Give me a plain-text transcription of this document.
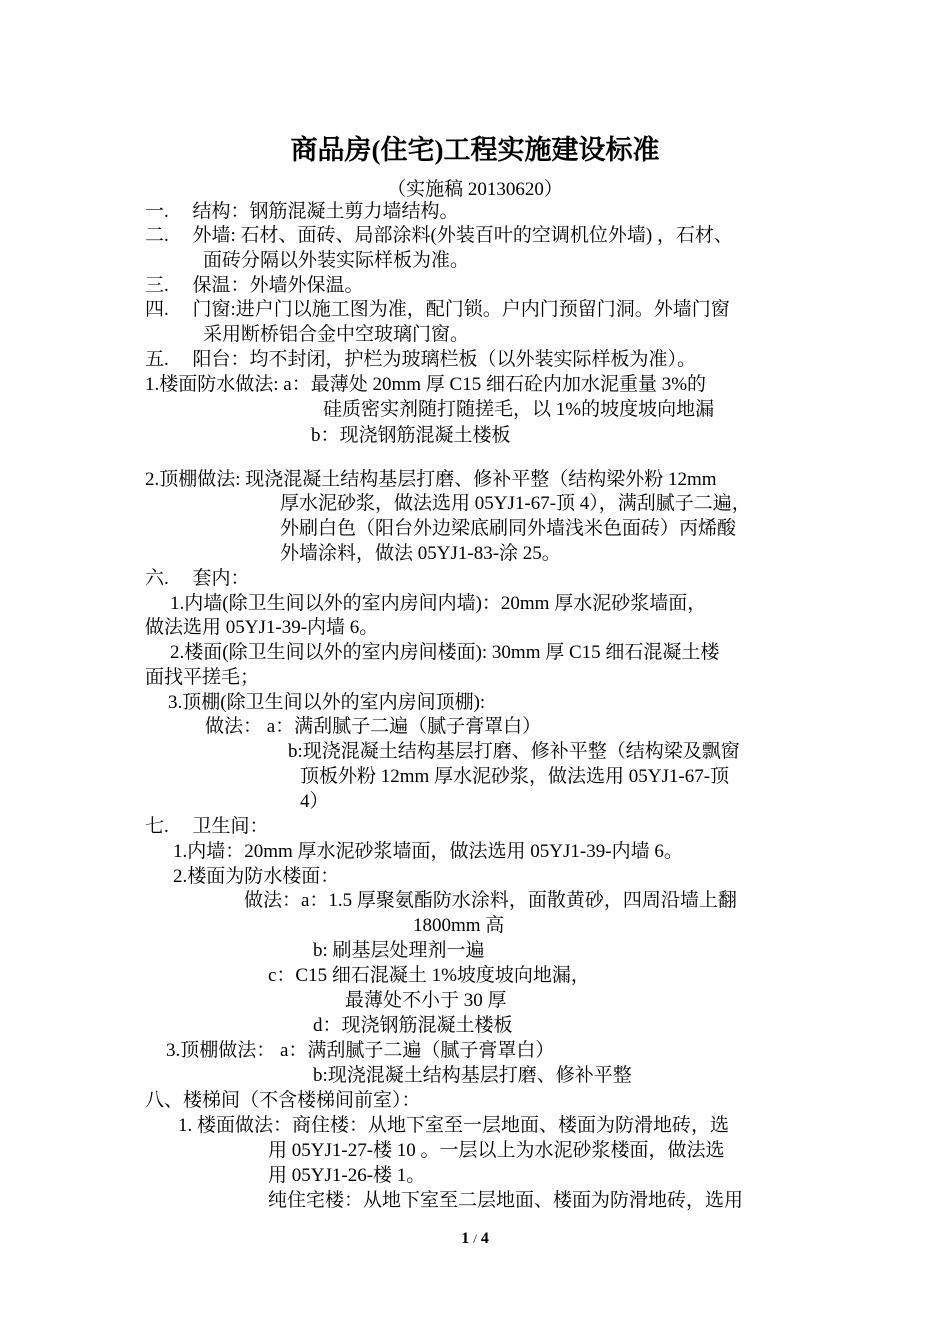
商品房(住宅)工程实施建设标准
（实施稿 20130620）
一.　 结构：钢筋混凝土剪力墙结构。
二.　 外墙: 石材、面砖、局部涂料(外装百叶的空调机位外墙) ，石材、
面砖分隔以外装实际样板为准。
三.　 保温：外墙外保温。
四.　 门窗:进户门以施工图为准，配门锁。户内门预留门洞。外墙门窗
采用断桥铝合金中空玻璃门窗。
五.　 阳台：均不封闭，护栏为玻璃栏板（以外装实际样板为准）。
1.楼面防水做法: a：最薄处 20mm 厚 C15 细石砼内加水泥重量 3%的
硅质密实剂随打随搓毛，以 1%的坡度坡向地漏
b：现浇钢筋混凝土楼板
2.顶棚做法: 现浇混凝土结构基层打磨、修补平整（结构梁外粉 12mm
厚水泥砂浆，做法选用 05YJ1-67-顶 4），满刮腻子二遍，
外刷白色（阳台外边梁底刷同外墙浅米色面砖）丙烯酸
外墙涂料，做法 05YJ1-83-涂 25。
六.　 套内：
1.内墙(除卫生间以外的室内房间内墙)：20mm 厚水泥砂浆墙面，
做法选用 05YJ1-39-内墙 6。
2.楼面(除卫生间以外的室内房间楼面): 30mm 厚 C15 细石混凝土楼
面找平搓毛；
3.顶棚(除卫生间以外的室内房间顶棚):
做法： a：满刮腻子二遍（腻子膏罩白）
b:现浇混凝土结构基层打磨、修补平整（结构梁及飘窗
顶板外粉 12mm 厚水泥砂浆，做法选用 05YJ1-67-顶
4）
七.　 卫生间：
1.内墙：20mm 厚水泥砂浆墙面，做法选用 05YJ1-39-内墙 6。
2.楼面为防水楼面：
做法：a：1.5 厚聚氨酯防水涂料，面散黄砂，四周沿墙上翻
1800mm 高
b: 刷基层处理剂一遍
c：C15 细石混凝土 1%坡度坡向地漏，
最薄处不小于 30 厚
d：现浇钢筋混凝土楼板
3.顶棚做法： a：满刮腻子二遍（腻子膏罩白）
b:现浇混凝土结构基层打磨、修补平整
八、楼梯间（不含楼梯间前室）：
1. 楼面做法：商住楼：从地下室至一层地面、楼面为防滑地砖，选
用 05YJ1-27-楼 10 。一层以上为水泥砂浆楼面，做法选
用 05YJ1-26-楼 1。
纯住宅楼：从地下室至二层地面、楼面为防滑地砖，选用
1 / 4
